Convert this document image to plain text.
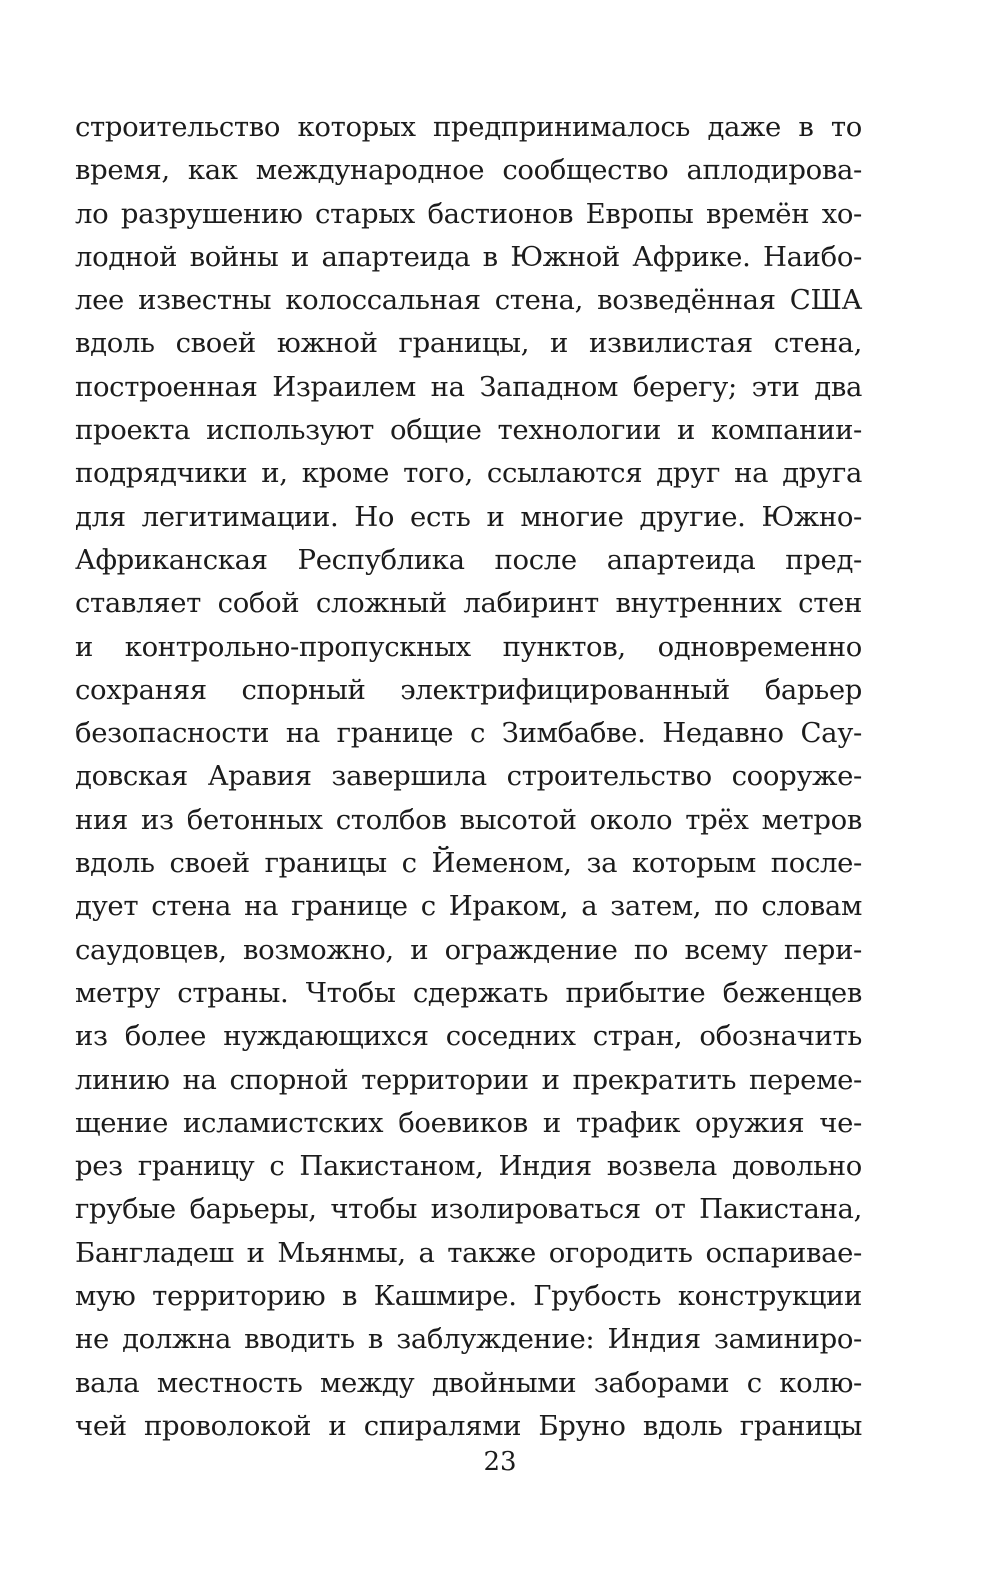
строительство которых предпринималось даже в то
время, как международное сообщество аплодирова-
ло разрушению старых бастионов Европы времён хо-
лодной войны и апартеида в Южной Африке. Наибо-
лее известны колоссальная стена, возведённая США
вдоль своей южной границы, и извилистая стена,
построенная Израилем на Западном берегу; эти два
проекта используют общие технологии и компании-
подрядчики и, кроме того, ссылаются друг на друга
для легитимации. Но есть и многие другие. Южно-
Африканская Республика после апартеида пред-
ставляет собой сложный лабиринт внутренних стен
и контрольно-пропускных пунктов, одновременно
сохраняя спорный электрифицированный барьер
безопасности на границе с Зимбабве. Недавно Сау-
довская Аравия завершила строительство сооруже-
ния из бетонных столбов высотой около трёх метров
вдоль своей границы с Йеменом, за которым после-
дует стена на границе с Ираком, а затем, по словам
саудовцев, возможно, и ограждение по всему пери-
метру страны. Чтобы сдержать прибытие беженцев
из более нуждающихся соседних стран, обозначить
линию на спорной территории и прекратить переме-
щение исламистских боевиков и трафик оружия че-
рез границу с Пакистаном, Индия возвела довольно
грубые барьеры, чтобы изолироваться от Пакистана,
Бангладеш и Мьянмы, а также огородить оспаривае-
мую территорию в Кашмире. Грубость конструкции
не должна вводить в заблуждение: Индия заминиро-
вала местность между двойными заборами с колю-
чей проволокой и спиралями Бруно вдоль границы
23
